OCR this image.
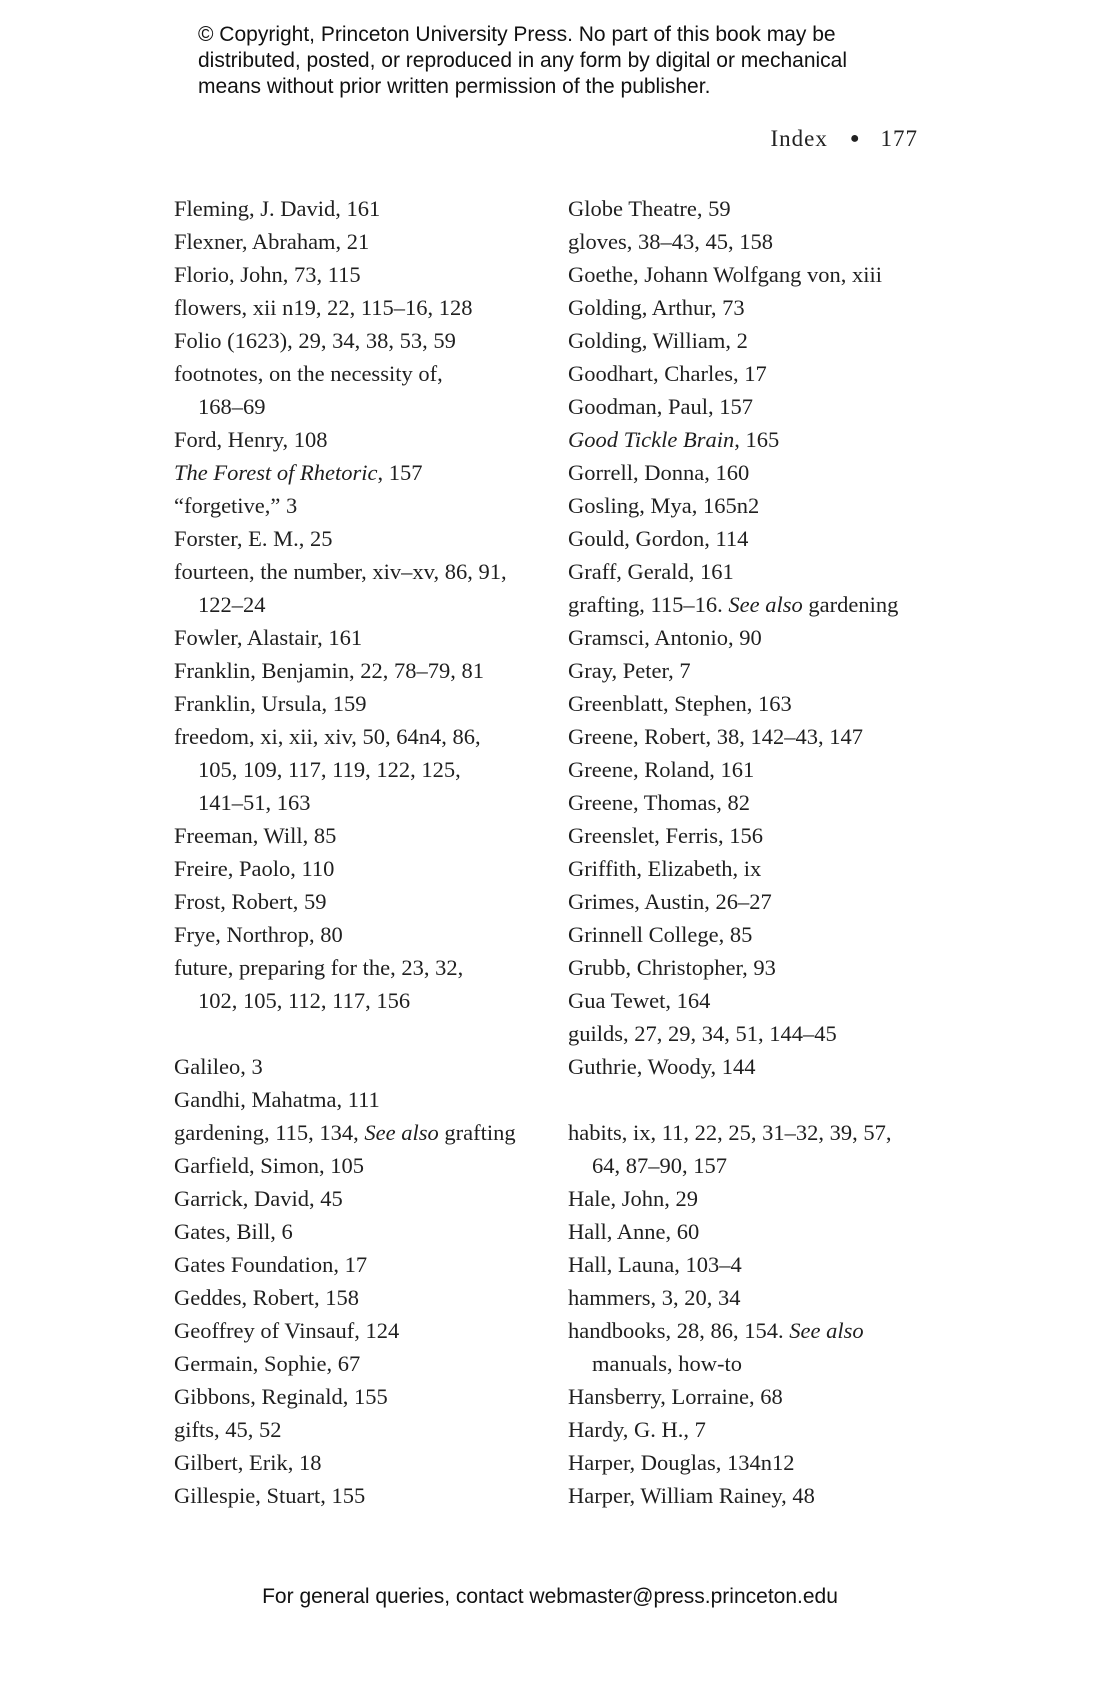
© Copyright, Princeton University Press. No part of this book may be
distributed, posted, or reproduced in any form by digital or mechanical
means without prior written permission of the publisher.
Index ● 177
Fleming, J. David, 161
Flexner, Abraham, 21
Florio, John, 73, 115
flowers, xii n19, 22, 115–16, 128
Folio (1623), 29, 34, 38, 53, 59
footnotes, on the necessity of,
168–69
Ford, Henry, 108
The Forest of Rhetoric, 157
“forgetive,” 3
Forster, E. M., 25
fourteen, the number, xiv–xv, 86, 91,
122–24
Fowler, Alastair, 161
Franklin, Benjamin, 22, 78–79, 81
Franklin, Ursula, 159
freedom, xi, xii, xiv, 50, 64n4, 86,
105, 109, 117, 119, 122, 125,
141–51, 163
Freeman, Will, 85
Freire, Paolo, 110
Frost, Robert, 59
Frye, Northrop, 80
future, preparing for the, 23, 32,
102, 105, 112, 117, 156
Galileo, 3
Gandhi, Mahatma, 111
gardening, 115, 134, See also grafting
Garfield, Simon, 105
Garrick, David, 45
Gates, Bill, 6
Gates Foundation, 17
Geddes, Robert, 158
Geoffrey of Vinsauf, 124
Germain, Sophie, 67
Gibbons, Reginald, 155
gifts, 45, 52
Gilbert, Erik, 18
Gillespie, Stuart, 155
Globe Theatre, 59
gloves, 38–43, 45, 158
Goethe, Johann Wolfgang von, xiii
Golding, Arthur, 73
Golding, William, 2
Goodhart, Charles, 17
Goodman, Paul, 157
Good Tickle Brain, 165
Gorrell, Donna, 160
Gosling, Mya, 165n2
Gould, Gordon, 114
Graff, Gerald, 161
grafting, 115–16. See also gardening
Gramsci, Antonio, 90
Gray, Peter, 7
Greenblatt, Stephen, 163
Greene, Robert, 38, 142–43, 147
Greene, Roland, 161
Greene, Thomas, 82
Greenslet, Ferris, 156
Griffith, Elizabeth, ix
Grimes, Austin, 26–27
Grinnell College, 85
Grubb, Christopher, 93
Gua Tewet, 164
guilds, 27, 29, 34, 51, 144–45
Guthrie, Woody, 144
habits, ix, 11, 22, 25, 31–32, 39, 57,
64, 87–90, 157
Hale, John, 29
Hall, Anne, 60
Hall, Launa, 103–4
hammers, 3, 20, 34
handbooks, 28, 86, 154. See also
manuals, how-to
Hansberry, Lorraine, 68
Hardy, G. H., 7
Harper, Douglas, 134n12
Harper, William Rainey, 48
For general queries, contact webmaster@press.princeton.edu
